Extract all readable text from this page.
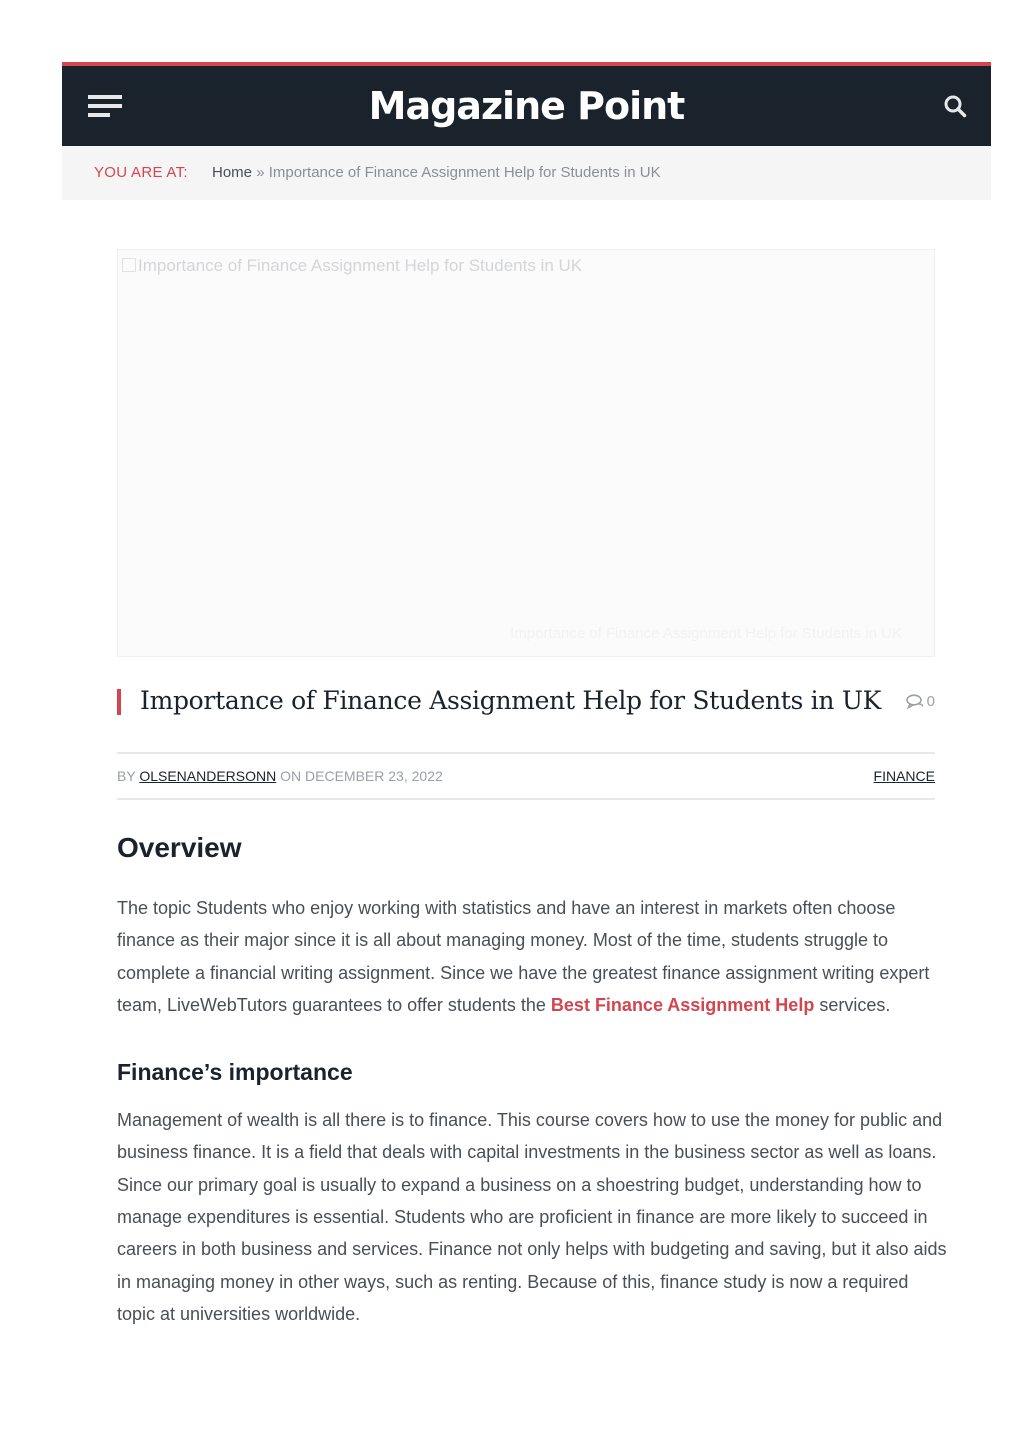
Magazine Point
YOU ARE AT: Home » Importance of Finance Assignment Help for Students in UK
Importance of Finance Assignment Help for Students in UK
Importance of Finance Assignment Help for Students in UK
Importance of Finance Assignment Help for Students in UK	0
BY OLSENANDERSONN ON DECEMBER 23, 2022	FINANCE
Overview

The topic Students who enjoy working with statistics and have an interest in markets often choose finance as their major since it is all about managing money. Most of the time, students struggle to complete a financial writing assignment. Since we have the greatest finance assignment writing expert team, LiveWebTutors guarantees to offer students the Best Finance Assignment Help services.

Finance’s importance

Management of wealth is all there is to finance. This course covers how to use the money for public and business finance. It is a field that deals with capital investments in the business sector as well as loans. Since our primary goal is usually to expand a business on a shoestring budget, understanding how to manage expenditures is essential. Students who are proficient in finance are more likely to succeed in careers in both business and services. Finance not only helps with budgeting and saving, but it also aids in managing money in other ways, such as renting. Because of this, finance study is now a required topic at universities worldwide.
